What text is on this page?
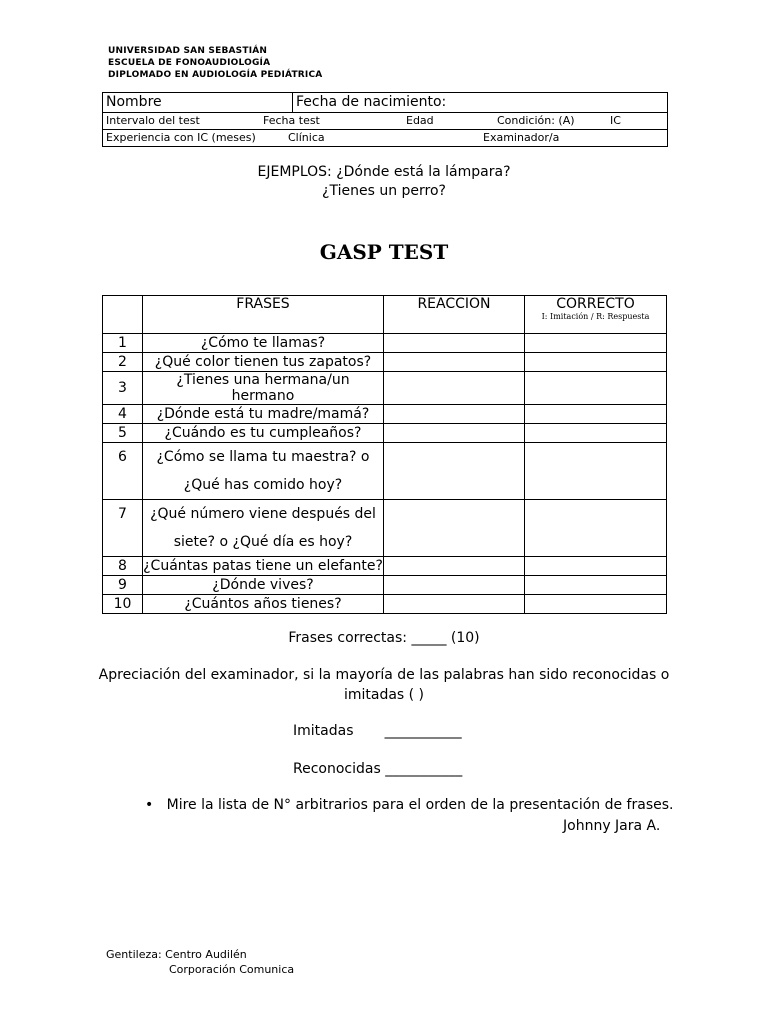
UNIVERSIDAD SAN SEBASTIÁN
ESCUELA DE FONOAUDIOLOGÍA
DIPLOMADO EN AUDIOLOGÍA PEDIÁTRICA
Nombre	Fecha de nacimiento:
Intervalo del test	Fecha test	Edad	Condición: (A)	IC
Experiencia con IC (meses)	Clínica	Examinador/a
EJEMPLOS: ¿Dónde está la lámpara?
¿Tienes un perro?
GASP TEST
	FRASES	REACCION	CORRECTO
I: Imitación / R: Respuesta

1	¿Cómo te llamas?		

2	¿Qué color tienen tus zapatos?		

3	¿Tienes una hermana/un hermano		

4	¿Dónde está tu madre/mamá?		

5	¿Cuándo es tu cumpleaños?		

6	¿Cómo se llama tu maestra? o
¿Qué has comido hoy?		

7	¿Qué número viene después del
siete? o ¿Qué día es hoy?		

8	¿Cuántas patas tiene un elefante?		

9	¿Dónde vives?		

10	¿Cuántos años tienes?		

Frases correctas: _____ (10)
Apreciación del examinador, si la mayoría de las palabras han sido reconocidas o
imitadas ( )
Imitadas       ___________
Reconocidas ___________
•   Mire la lista de N° arbitrarios para el orden de la presentación de frases.
Johnny Jara A.
Gentileza: Centro Audilén
Corporación Comunica
